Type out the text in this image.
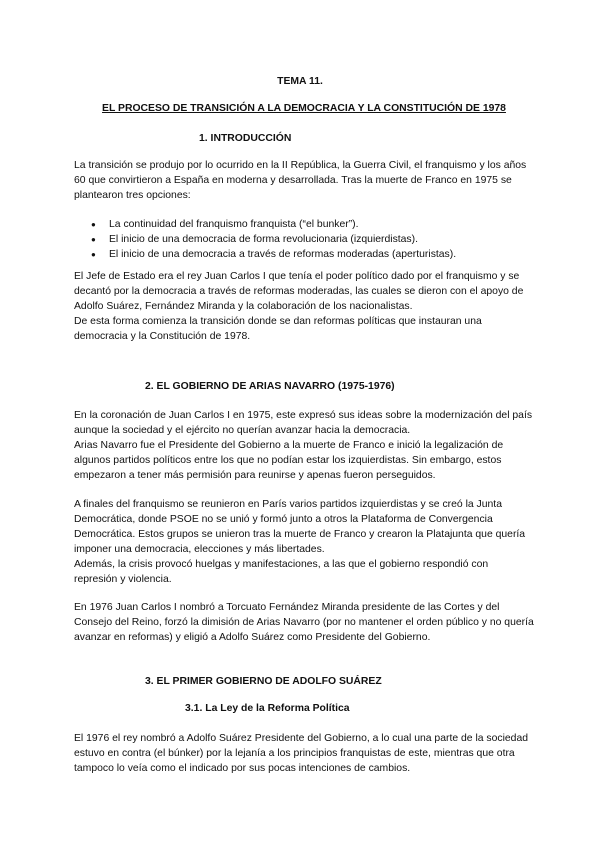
TEMA 11.
EL PROCESO DE TRANSICIÓN A LA DEMOCRACIA Y LA CONSTITUCIÓN DE 1978
1. INTRODUCCIÓN

La transición se produjo por lo ocurrido en la II República, la Guerra Civil, el franquismo y los años 60 que convirtieron a España en moderna y desarrollada. Tras la muerte de Franco en 1975 se plantearon tres opciones:

● La continuidad del franquismo franquista (“el bunker”).
● El inicio de una democracia de forma revolucionaria (izquierdistas).
● El inicio de una democracia a través de reformas moderadas (aperturistas).

El Jefe de Estado era el rey Juan Carlos I que tenía el poder político dado por el franquismo y se decantó por la democracia a través de reformas moderadas, las cuales se dieron con el apoyo de Adolfo Suárez, Fernández Miranda y la colaboración de los nacionalistas.

De esta forma comienza la transición donde se dan reformas políticas que instauran una democracia y la Constitución de 1978.

2. EL GOBIERNO DE ARIAS NAVARRO (1975-1976)

En la coronación de Juan Carlos I en 1975, este expresó sus ideas sobre la modernización del país aunque la sociedad y el ejército no querían avanzar hacia la democracia.

Arias Navarro fue el Presidente del Gobierno a la muerte de Franco e inició la legalización de algunos partidos políticos entre los que no podían estar los izquierdistas. Sin embargo, estos empezaron a tener más permisión para reunirse y apenas fueron perseguidos.

A finales del franquismo se reunieron en París varios partidos izquierdistas y se creó la Junta Democrática, donde PSOE no se unió y formó junto a otros la Plataforma de Convergencia Democrática. Estos grupos se unieron tras la muerte de Franco y crearon la Platajunta que quería imponer una democracia, elecciones y más libertades.

Además, la crisis provocó huelgas y manifestaciones, a las que el gobierno respondió con represión y violencia.

En 1976 Juan Carlos I nombró a Torcuato Fernández Miranda presidente de las Cortes y del Consejo del Reino, forzó la dimisión de Arias Navarro (por no mantener el orden público y no quería avanzar en reformas) y eligió a Adolfo Suárez como Presidente del Gobierno.

3. EL PRIMER GOBIERNO DE ADOLFO SUÁREZ
3.1. La Ley de la Reforma Política

El 1976 el rey nombró a Adolfo Suárez Presidente del Gobierno, a lo cual una parte de la sociedad estuvo en contra (el búnker) por la lejanía a los principios franquistas de este, mientras que otra tampoco lo veía como el indicado por sus pocas intenciones de cambios.
